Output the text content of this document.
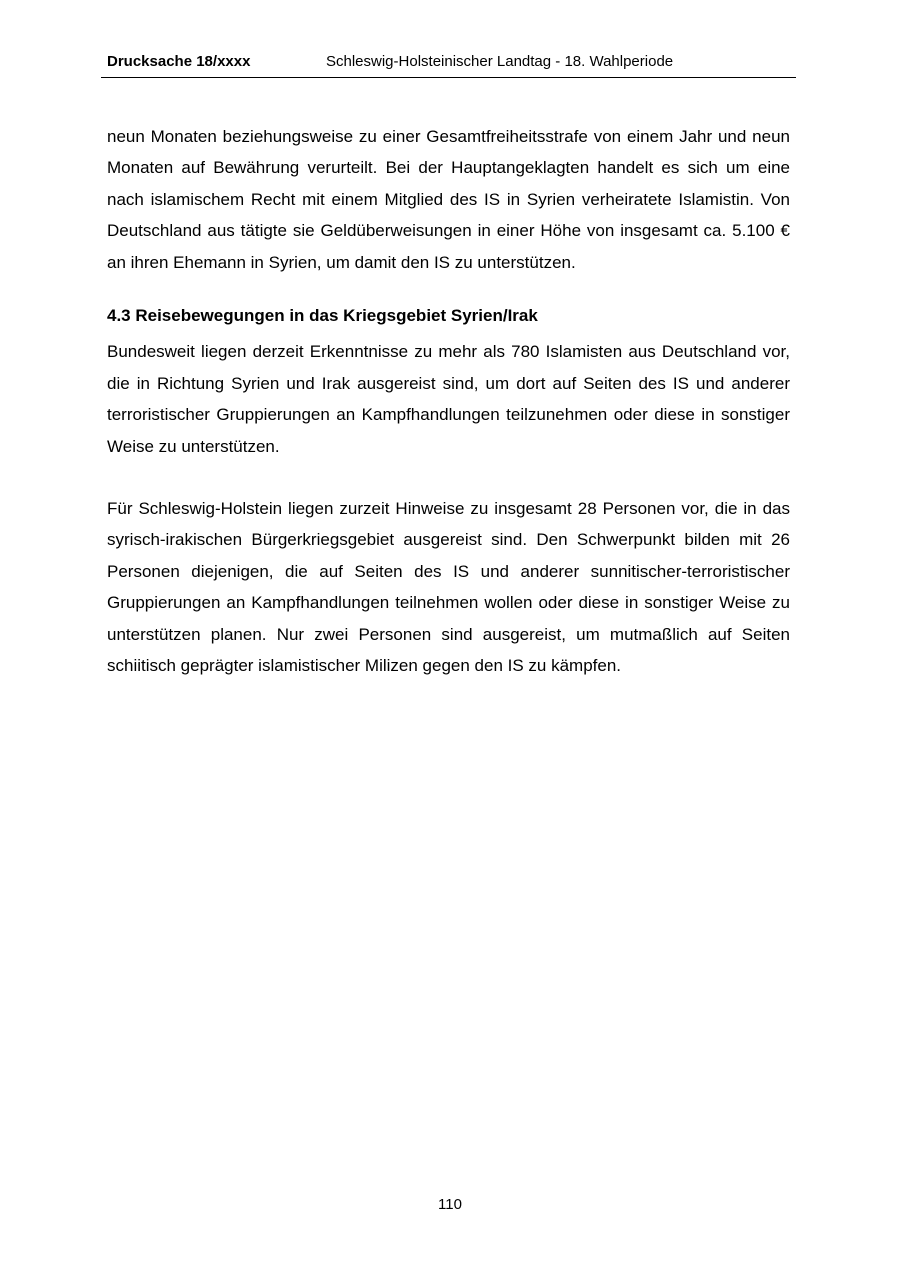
Drucksache 18/xxxx	Schleswig-Holsteinischer Landtag - 18. Wahlperiode

neun Monaten beziehungsweise zu einer Gesamtfreiheitsstrafe von einem Jahr und neun Monaten auf Bewährung verurteilt. Bei der Hauptangeklagten handelt es sich um eine nach islamischem Recht mit einem Mitglied des IS in Syrien verheiratete Islamistin. Von Deutschland aus tätigte sie Geldüberweisungen in einer Höhe von insgesamt ca. 5.100 € an ihren Ehemann in Syrien, um damit den IS zu unterstützen.

4.3 Reisebewegungen in das Kriegsgebiet Syrien/Irak

Bundesweit liegen derzeit Erkenntnisse zu mehr als 780 Islamisten aus Deutschland vor, die in Richtung Syrien und Irak ausgereist sind, um dort auf Seiten des IS und anderer terroristischer Gruppierungen an Kampfhandlungen teilzunehmen oder diese in sonstiger Weise zu unterstützen.

Für Schleswig-Holstein liegen zurzeit Hinweise zu insgesamt 28 Personen vor, die in das syrisch-irakischen Bürgerkriegsgebiet ausgereist sind. Den Schwerpunkt bilden mit 26 Personen diejenigen, die auf Seiten des IS und anderer sunnitischer-terroristischer Gruppierungen an Kampfhandlungen teilnehmen wollen oder diese in sonstiger Weise zu unterstützen planen. Nur zwei Personen sind ausgereist, um mutmaßlich auf Seiten schiitisch geprägter islamistischer Milizen gegen den IS zu kämpfen.

110
